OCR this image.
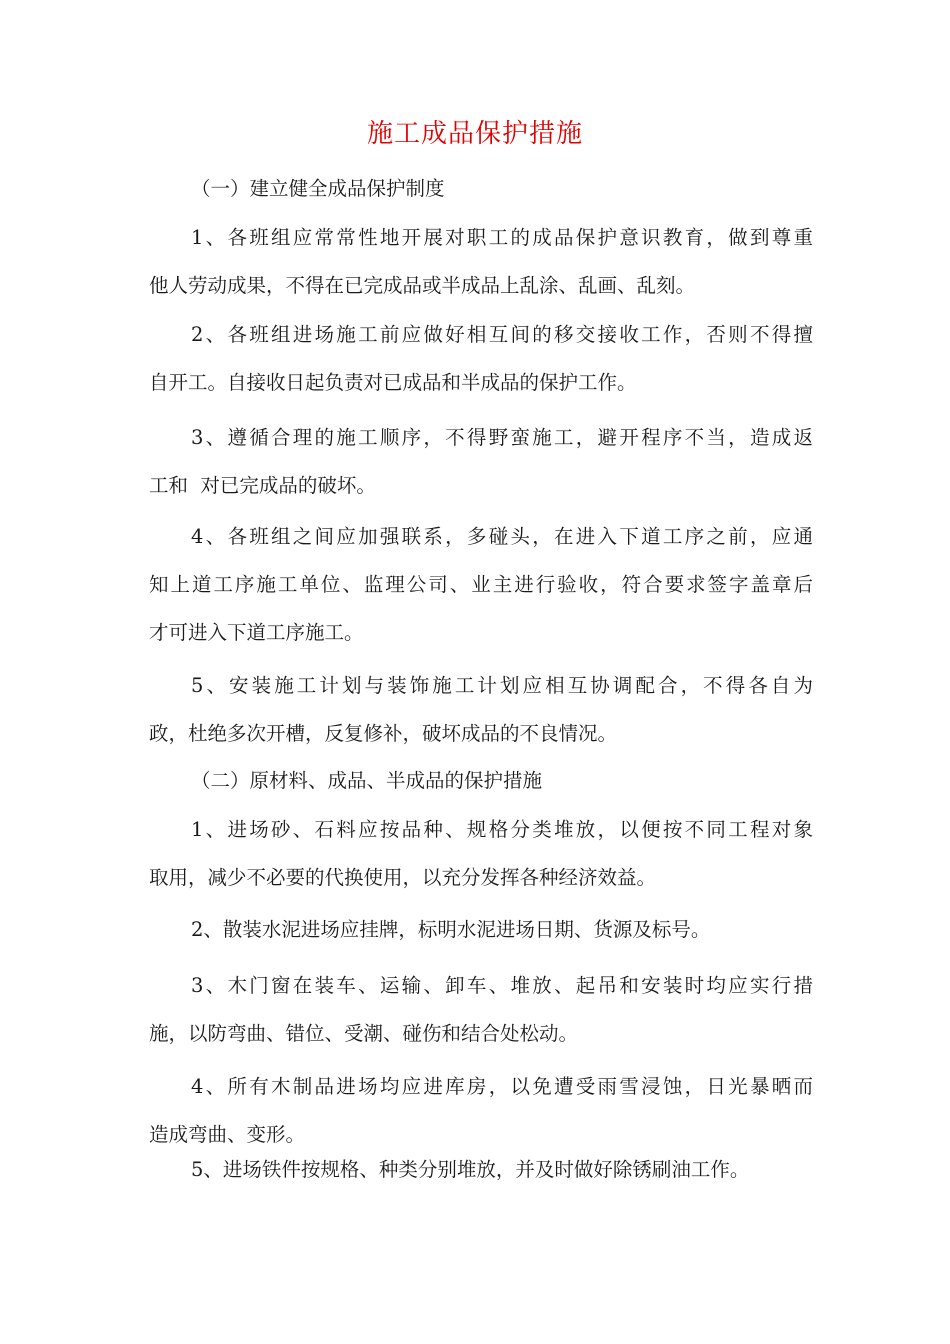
施工成品保护措施
（一）建立健全成品保护制度
1、各班组应常常性地开展对职工的成品保护意识教育，做到尊重
他人劳动成果，不得在已完成品或半成品上乱涂、乱画、乱刻。
2、各班组进场施工前应做好相互间的移交接收工作，否则不得擅
自开工。自接收日起负责对已成品和半成品的保护工作。
3、遵循合理的施工顺序，不得野蛮施工，避开程序不当，造成返
工和  对已完成品的破坏。
4、各班组之间应加强联系，多碰头，在进入下道工序之前，应通
知上道工序施工单位、监理公司、业主进行验收，符合要求签字盖章后
才可进入下道工序施工。
5、安装施工计划与装饰施工计划应相互协调配合，不得各自为
政，杜绝多次开槽，反复修补，破坏成品的不良情况。
（二）原材料、成品、半成品的保护措施
1、进场砂、石料应按品种、规格分类堆放，以便按不同工程对象
取用，减少不必要的代换使用，以充分发挥各种经济效益。
2、散装水泥进场应挂牌，标明水泥进场日期、货源及标号。
3、木门窗在装车、运输、卸车、堆放、起吊和安装时均应实行措
施，以防弯曲、错位、受潮、碰伤和结合处松动。
4、所有木制品进场均应进库房，以免遭受雨雪浸蚀，日光暴晒而
造成弯曲、变形。
5、进场铁件按规格、种类分别堆放，并及时做好除锈刷油工作。
